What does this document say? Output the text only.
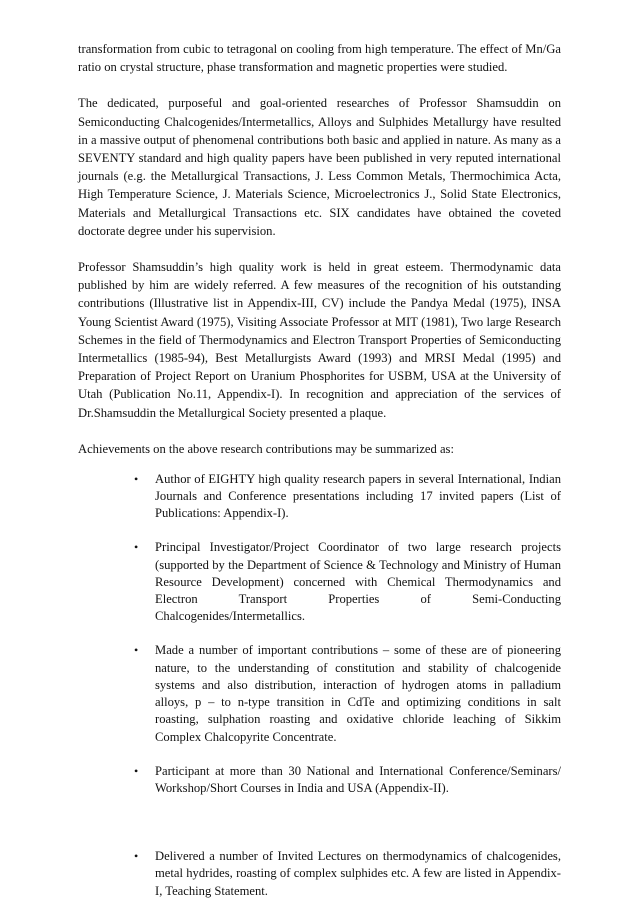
transformation from cubic to tetragonal on cooling from high temperature. The effect of Mn/Ga ratio on crystal structure, phase transformation and magnetic properties were studied.

The dedicated, purposeful and goal-oriented researches of Professor Shamsuddin on Semiconducting Chalcogenides/Intermetallics, Alloys and Sulphides Metallurgy have resulted in a massive output of phenomenal contributions both basic and applied in nature. As many as a SEVENTY standard and high quality papers have been published in very reputed international journals (e.g. the Metallurgical Transactions, J. Less Common Metals, Thermochimica Acta, High Temperature Science, J. Materials Science, Microelectronics J., Solid State Electronics, Materials and Metallurgical Transactions etc. SIX candidates have obtained the coveted doctorate degree under his supervision.

Professor Shamsuddin’s high quality work is held in great esteem. Thermodynamic data published by him are widely referred. A few measures of the recognition of his outstanding contributions (Illustrative list in Appendix-III, CV) include the Pandya Medal (1975), INSA Young Scientist Award (1975), Visiting Associate Professor at MIT (1981), Two large Research Schemes in the field of Thermodynamics and Electron Transport Properties of Semiconducting Intermetallics (1985-94), Best Metallurgists Award (1993) and MRSI Medal (1995) and Preparation of Project Report on Uranium Phosphorites for USBM, USA at the University of Utah (Publication No.11, Appendix-I). In recognition and appreciation of the services of Dr.Shamsuddin the Metallurgical Society presented a plaque.

Achievements on the above research contributions may be summarized as:

• Author of EIGHTY high quality research papers in several International, Indian Journals and Conference presentations including 17 invited papers (List of Publications: Appendix-I).
• Principal Investigator/Project Coordinator of two large research projects (supported by the Department of Science & Technology and Ministry of Human Resource Development) concerned with Chemical Thermodynamics and Electron Transport Properties of Semi-Conducting Chalcogenides/Intermetallics.
• Made a number of important contributions – some of these are of pioneering nature, to the understanding of constitution and stability of chalcogenide systems and also distribution, interaction of hydrogen atoms in palladium alloys, p – to n-type transition in CdTe and optimizing conditions in salt roasting, sulphation roasting and oxidative chloride leaching of Sikkim Complex Chalcopyrite Concentrate.
• Participant at more than 30 National and International Conference/Seminars/ Workshop/Short Courses in India and USA (Appendix-II).
• Delivered a number of Invited Lectures on thermodynamics of chalcogenides, metal hydrides, roasting of complex sulphides etc. A few are listed in Appendix-I, Teaching Statement.
